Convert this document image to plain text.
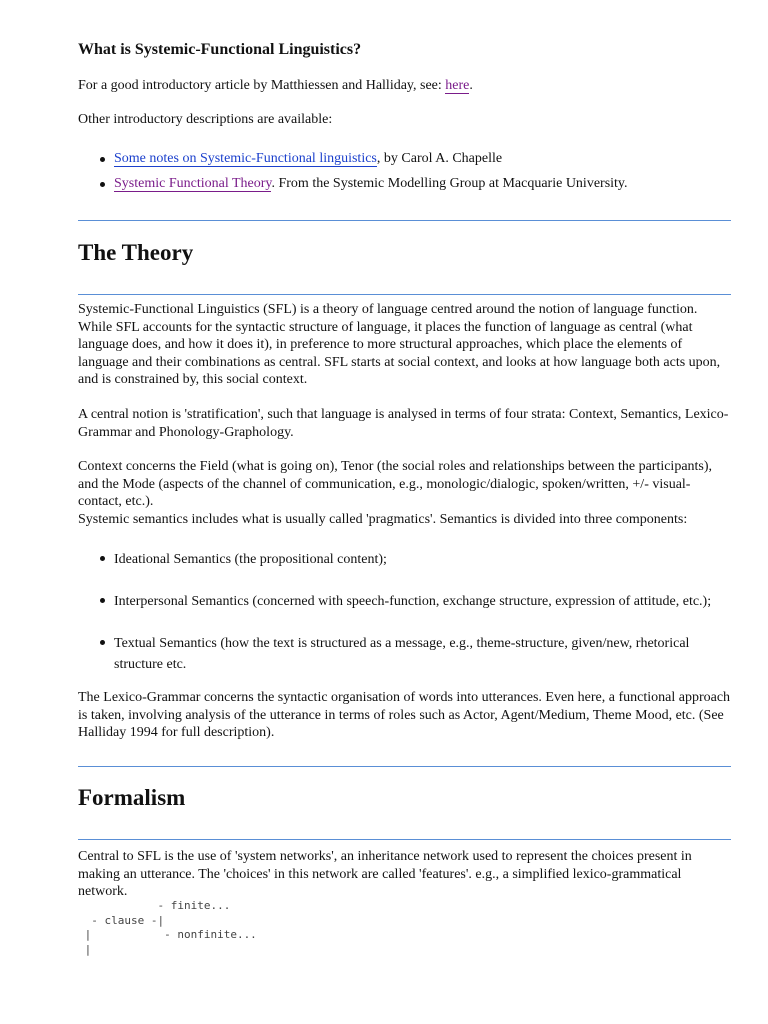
What is Systemic-Functional Linguistics?

For a good introductory article by Matthiessen and Halliday, see: here.

Other introductory descriptions are available:

Some notes on Systemic-Functional linguistics, by Carol A. Chapelle
Systemic Functional Theory. From the Systemic Modelling Group at Macquarie University.
The Theory

Systemic-Functional Linguistics (SFL) is a theory of language centred around the notion of language function. While SFL accounts for the syntactic structure of language, it places the function of language as central (what language does, and how it does it), in preference to more structural approaches, which place the elements of language and their combinations as central. SFL starts at social context, and looks at how language both acts upon, and is constrained by, this social context.

A central notion is 'stratification', such that language is analysed in terms of four strata: Context, Semantics, Lexico-Grammar and Phonology-Graphology.

Context concerns the Field (what is going on), Tenor (the social roles and relationships between the participants), and the Mode (aspects of the channel of communication, e.g., monologic/dialogic, spoken/written, +/- visual-contact, etc.).

Systemic semantics includes what is usually called 'pragmatics'. Semantics is divided into three components:

Ideational Semantics (the propositional content);
Interpersonal Semantics (concerned with speech-function, exchange structure, expression of attitude, etc.);
Textual Semantics (how the text is structured as a message, e.g., theme-structure, given/new, rhetorical structure etc.

The Lexico-Grammar concerns the syntactic organisation of words into utterances. Even here, a functional approach is taken, involving analysis of the utterance in terms of roles such as Actor, Agent/Medium, Theme Mood, etc. (See Halliday 1994 for full description).

Formalism

Central to SFL is the use of 'system networks', an inheritance network used to represent the choices present in making an utterance. The 'choices' in this network are called 'features'. e.g., a simplified lexico-grammatical network.

- finite...
- clause -|
|           - nonfinite...
|
